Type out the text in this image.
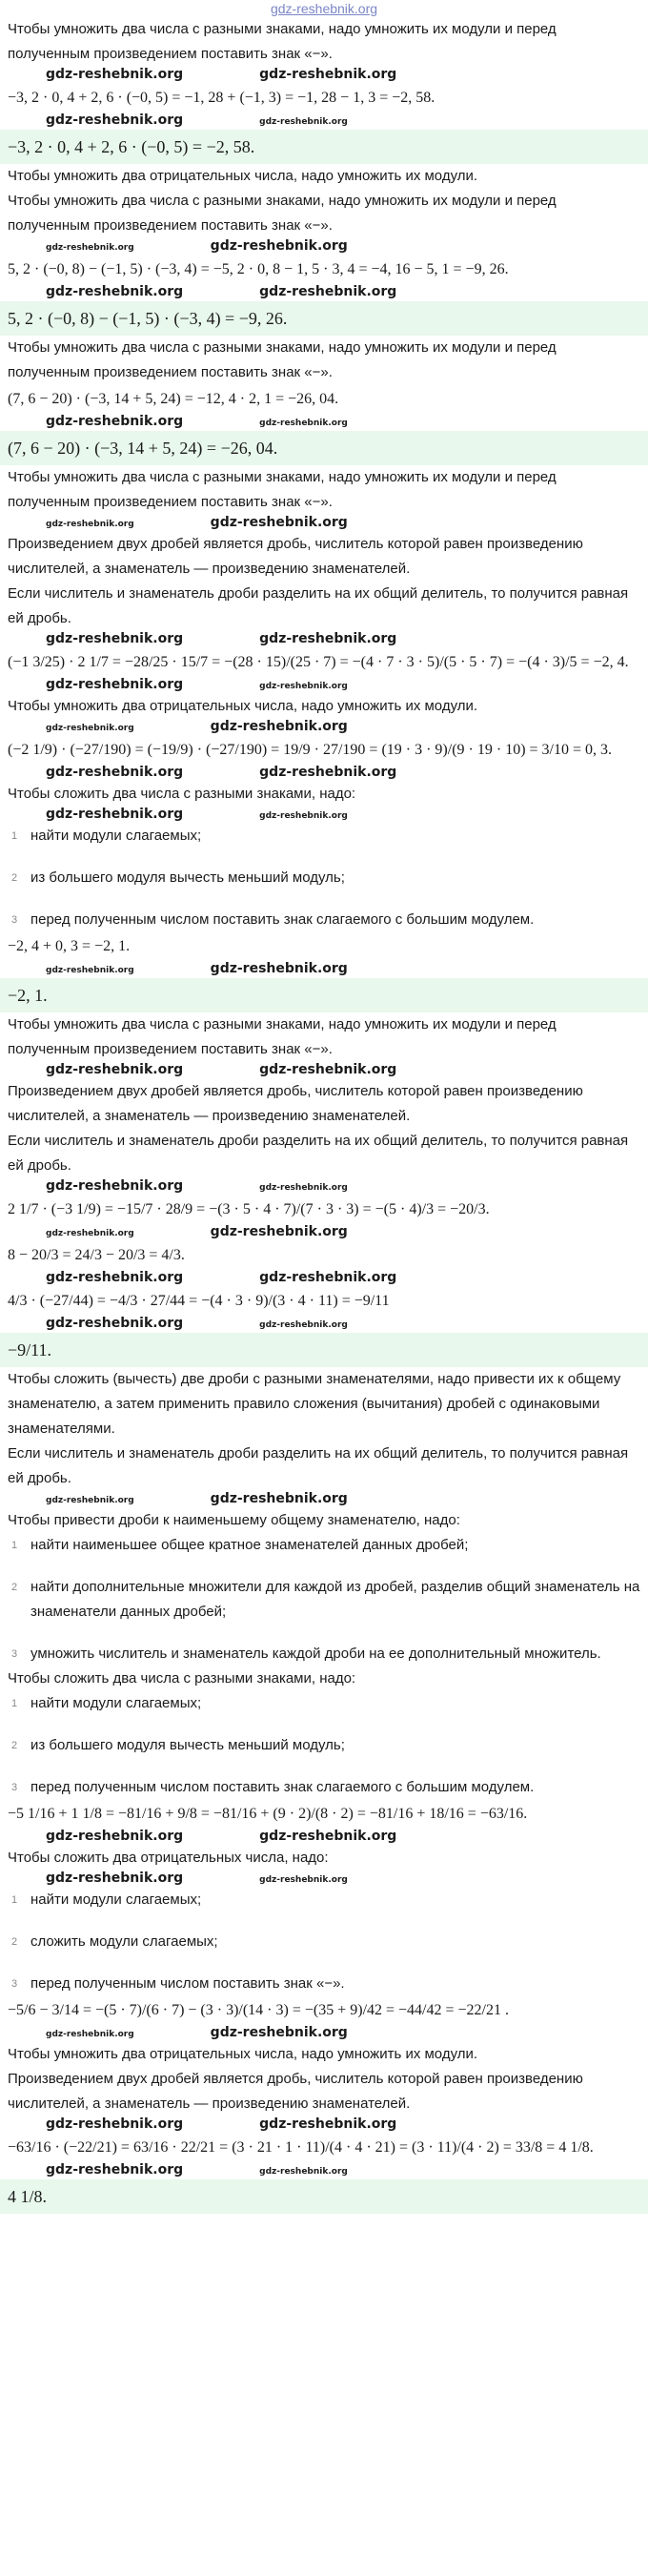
gdz-reshebnik.org

Чтобы умножить два числа с разными знаками, надо умножить их модули и перед полученным произведением поставить знак «−».

gdz-reshebnik.org	gdz-reshebnik.org
−3, 2 · 0, 4 + 2, 6 · (−0, 5) = −1, 28 + (−1, 3) = −1, 28 − 1, 3 = −2, 58.
gdz-reshebnik.org	gdz-reshebnik.org
−3, 2 · 0, 4 + 2, 6 · (−0, 5) = −2, 58.

Чтобы умножить два отрицательных числа, надо умножить их модули.

Чтобы умножить два числа с разными знаками, надо умножить их модули и перед полученным произведением поставить знак «−».

gdz-reshebnik.org	gdz-reshebnik.org
5, 2 · (−0, 8) − (−1, 5) · (−3, 4) = −5, 2 · 0, 8 − 1, 5 · 3, 4 = −4, 16 − 5, 1 = −9, 26.
gdz-reshebnik.org	gdz-reshebnik.org
5, 2 · (−0, 8) − (−1, 5) · (−3, 4) = −9, 26.

Чтобы умножить два числа с разными знаками, надо умножить их модули и перед полученным произведением поставить знак «−».

(7, 6 − 20) · (−3, 14 + 5, 24) = −12, 4 · 2, 1 = −26, 04.
gdz-reshebnik.org	gdz-reshebnik.org
(7, 6 − 20) · (−3, 14 + 5, 24) = −26, 04.

Чтобы умножить два числа с разными знаками, надо умножить их модули и перед полученным произведением поставить знак «−».

gdz-reshebnik.org	gdz-reshebnik.org

Произведением двух дробей является дробь, числитель которой равен произведению числителей, а знаменатель — произведению знаменателей.

Если числитель и знаменатель дроби разделить на их общий делитель, то получится равная ей дробь.

gdz-reshebnik.org	gdz-reshebnik.org
(−1 3/25) · 2 1/7 = −28/25 · 15/7 = −(28 · 15)/(25 · 7) = −(4 · 7 · 3 · 5)/(5 · 5 · 7) = −(4 · 3)/5 = −2, 4.
gdz-reshebnik.org	gdz-reshebnik.org

Чтобы умножить два отрицательных числа, надо умножить их модули.

gdz-reshebnik.org	gdz-reshebnik.org
(−2 1/9) · (−27/190) = (−19/9) · (−27/190) = 19/9 · 27/190 = (19 · 3 · 9)/(9 · 19 · 10) = 3/10 = 0, 3.
gdz-reshebnik.org	gdz-reshebnik.org

Чтобы сложить два числа с разными знаками, надо:

gdz-reshebnik.org	gdz-reshebnik.org
1 найти модули слагаемых;
2 из большего модуля вычесть меньший модуль;
3 перед полученным числом поставить знак слагаемого с большим модулем.
−2, 4 + 0, 3 = −2, 1.
gdz-reshebnik.org	gdz-reshebnik.org
−2, 1.

Чтобы умножить два числа с разными знаками, надо умножить их модули и перед полученным произведением поставить знак «−».

gdz-reshebnik.org	gdz-reshebnik.org

Произведением двух дробей является дробь, числитель которой равен произведению числителей, а знаменатель — произведению знаменателей.

Если числитель и знаменатель дроби разделить на их общий делитель, то получится равная ей дробь.

gdz-reshebnik.org	gdz-reshebnik.org
2 1/7 · (−3 1/9) = −15/7 · 28/9 = −(3 · 5 · 4 · 7)/(7 · 3 · 3) = −(5 · 4)/3 = −20/3.
gdz-reshebnik.org	gdz-reshebnik.org
8 − 20/3 = 24/3 − 20/3 = 4/3.
gdz-reshebnik.org	gdz-reshebnik.org
4/3 · (−27/44) = −4/3 · 27/44 = −(4 · 3 · 9)/(3 · 4 · 11) = −9/11
gdz-reshebnik.org	gdz-reshebnik.org
−9/11.

Чтобы сложить (вычесть) две дроби с разными знаменателями, надо привести их к общему знаменателю, а затем применить правило сложения (вычитания) дробей с одинаковыми знаменателями.

Если числитель и знаменатель дроби разделить на их общий делитель, то получится равная ей дробь.

gdz-reshebnik.org	gdz-reshebnik.org

Чтобы привести дроби к наименьшему общему знаменателю, надо:

1 найти наименьшее общее кратное знаменателей данных дробей;
2 найти дополнительные множители для каждой из дробей, разделив общий знаменатель на знаменатели данных дробей;
3 умножить числитель и знаменатель каждой дроби на ее дополнительный множитель.

Чтобы сложить два числа с разными знаками, надо:

1 найти модули слагаемых;
2 из большего модуля вычесть меньший модуль;
3 перед полученным числом поставить знак слагаемого с большим модулем.
−5 1/16 + 1 1/8 = −81/16 + 9/8 = −81/16 + (9 · 2)/(8 · 2) = −81/16 + 18/16 = −63/16.
gdz-reshebnik.org	gdz-reshebnik.org

Чтобы сложить два отрицательных числа, надо:

gdz-reshebnik.org	gdz-reshebnik.org
1 найти модули слагаемых;
2 сложить модули слагаемых;
3 перед полученным числом поставить знак «−».
−5/6 − 3/14 = −(5 · 7)/(6 · 7) − (3 · 3)/(14 · 3) = −(35 + 9)/42 = −44/42 = −22/21 .
gdz-reshebnik.org	gdz-reshebnik.org

Чтобы умножить два отрицательных числа, надо умножить их модули.

Произведением двух дробей является дробь, числитель которой равен произведению числителей, а знаменатель — произведению знаменателей.

gdz-reshebnik.org	gdz-reshebnik.org
−63/16 · (−22/21) = 63/16 · 22/21 = (3 · 21 · 1 · 11)/(4 · 4 · 21) = (3 · 11)/(4 · 2) = 33/8 = 4 1/8.
gdz-reshebnik.org	gdz-reshebnik.org
4 1/8.
